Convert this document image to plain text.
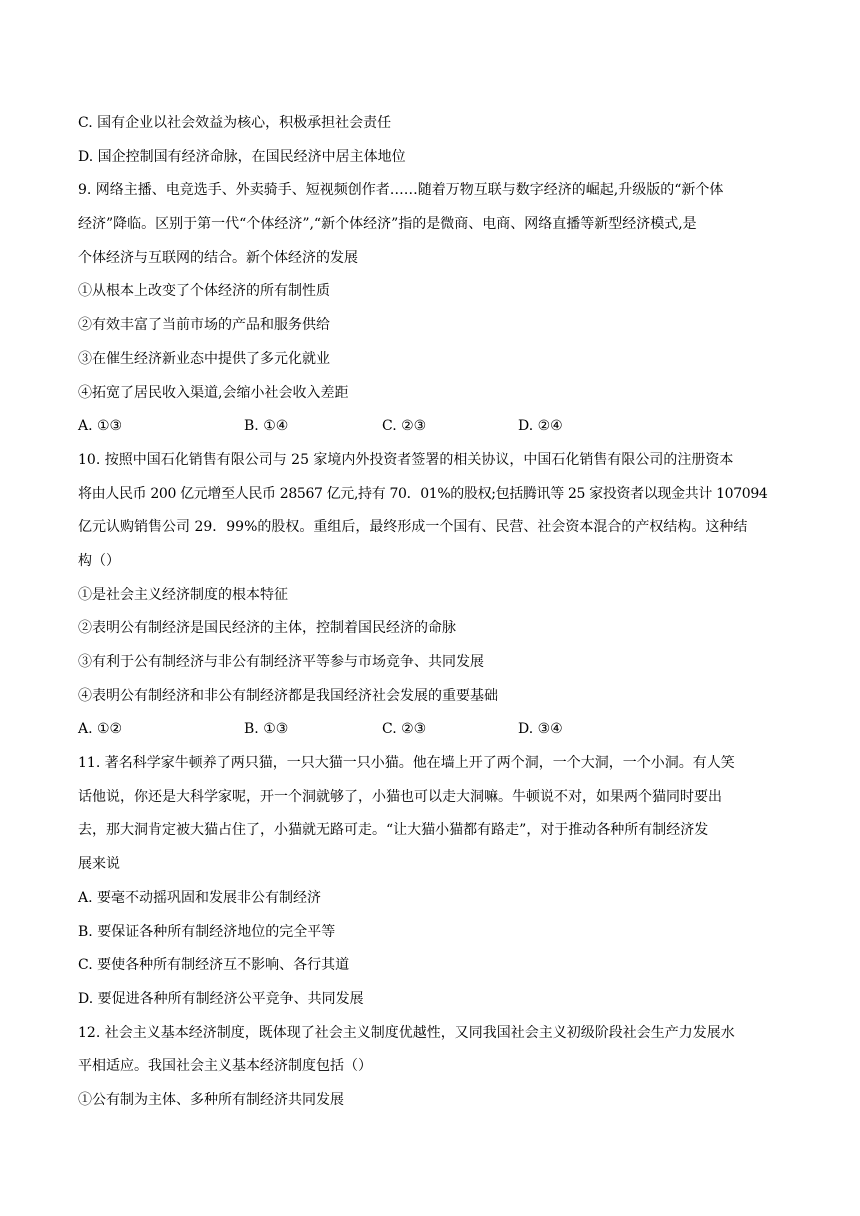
C. 国有企业以社会效益为核心，积极承担社会责任
D. 国企控制国有经济命脉，在国民经济中居主体地位
9. 网络主播、电竞选手、外卖骑手、短视频创作者……随着万物互联与数字经济的崛起,升级版的“新个体
经济”降临。区别于第一代“个体经济”,“新个体经济”指的是微商、电商、网络直播等新型经济模式,是
个体经济与互联网的结合。新个体经济的发展
①从根本上改变了个体经济的所有制性质
②有效丰富了当前市场的产品和服务供给
③在催生经济新业态中提供了多元化就业
④拓宽了居民收入渠道,会缩小社会收入差距
A. ①③	B. ①④	C. ②③	D. ②④
10. 按照中国石化销售有限公司与 25 家境内外投资者签署的相关协议，中国石化销售有限公司的注册资本
将由人民币 200 亿元增至人民币 28567 亿元,持有 70．01%的股权;包括腾讯等 25 家投资者以现金共计 107094
亿元认购销售公司 29．99%的股权。重组后，最终形成一个国有、民营、社会资本混合的产权结构。这种结
构（）
①是社会主义经济制度的根本特征
②表明公有制经济是国民经济的主体，控制着国民经济的命脉
③有利于公有制经济与非公有制经济平等参与市场竞争、共同发展
④表明公有制经济和非公有制经济都是我国经济社会发展的重要基础
A. ①②	B. ①③	C. ②③	D. ③④
11. 著名科学家牛顿养了两只猫，一只大猫一只小猫。他在墙上开了两个洞，一个大洞，一个小洞。有人笑
话他说，你还是大科学家呢，开一个洞就够了，小猫也可以走大洞嘛。牛顿说不对，如果两个猫同时要出
去，那大洞肯定被大猫占住了，小猫就无路可走。“让大猫小猫都有路走”，对于推动各种所有制经济发
展来说
A. 要毫不动摇巩固和发展非公有制经济
B. 要保证各种所有制经济地位的完全平等
C. 要使各种所有制经济互不影响、各行其道
D. 要促进各种所有制经济公平竞争、共同发展
12. 社会主义基本经济制度，既体现了社会主义制度优越性，又同我国社会主义初级阶段社会生产力发展水
平相适应。我国社会主义基本经济制度包括（）
①公有制为主体、多种所有制经济共同发展
